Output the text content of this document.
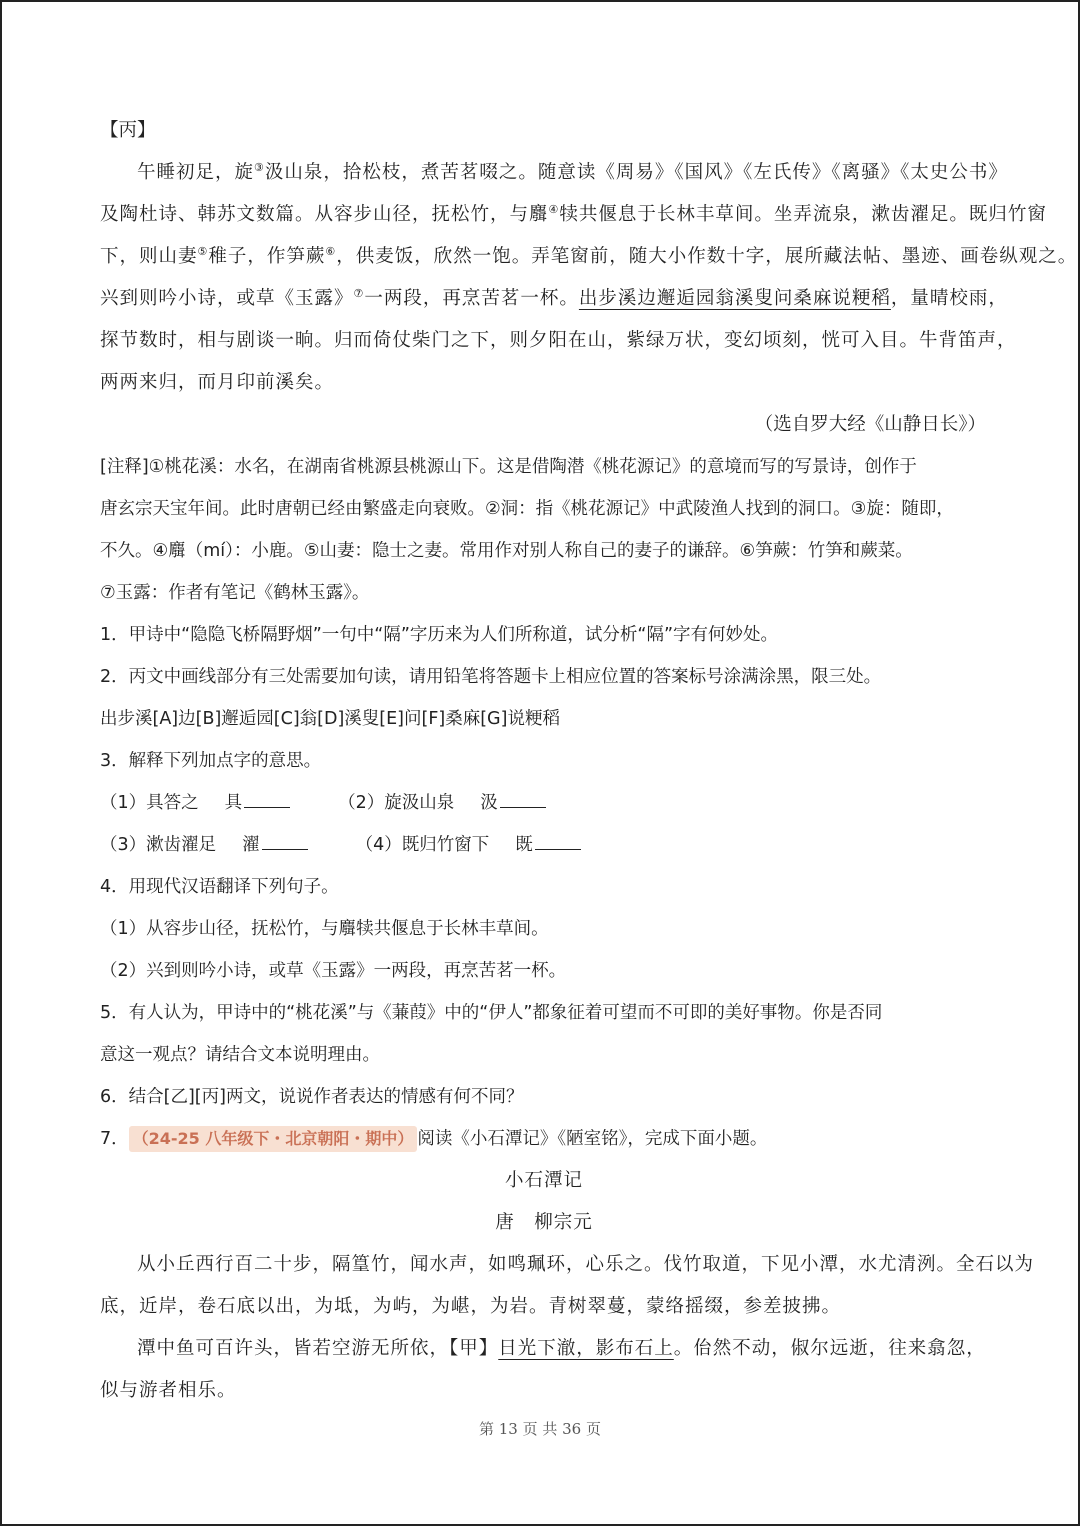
【丙】

午睡初足，旋③汲山泉，拾松枝，煮苦茗啜之。随意读《周易》《国风》《左氏传》《离骚》《太史公书》

及陶杜诗、韩苏文数篇。从容步山径，抚松竹，与麛④犊共偃息于长林丰草间。坐弄流泉，漱齿濯足。既归竹窗

下，则山妻⑤稚子，作笋蕨⑥，供麦饭，欣然一饱。弄笔窗前，随大小作数十字，展所藏法帖、墨迹、画卷纵观之。

兴到则吟小诗，或草《玉露》⑦一两段，再烹苦茗一杯。出步溪边邂逅园翁溪叟问桑麻说粳稻，量晴校雨，

探节数时，相与剧谈一晌。归而倚仗柴门之下，则夕阳在山，紫绿万状，变幻顷刻，恍可入目。牛背笛声，

两两来归，而月印前溪矣。

（选自罗大经《山静日长》）

[注释]①桃花溪：水名，在湖南省桃源县桃源山下。这是借陶潜《桃花源记》的意境而写的写景诗，创作于

唐玄宗天宝年间。此时唐朝已经由繁盛走向衰败。②洞：指《桃花源记》中武陵渔人找到的洞口。③旋：随即，

不久。④麛（mí）：小鹿。⑤山妻：隐士之妻。常用作对别人称自己的妻子的谦辞。⑥笋蕨：竹笋和蕨菜。

⑦玉露：作者有笔记《鹤林玉露》。

1．甲诗中“隐隐飞桥隔野烟”一句中“隔”字历来为人们所称道，试分析“隔”字有何妙处。

2．丙文中画线部分有三处需要加句读，请用铅笔将答题卡上相应位置的答案标号涂满涂黑，限三处。

出步溪[A]边[B]邂逅园[C]翁[D]溪叟[E]问[F]桑麻[G]说粳稻

3．解释下列加点字的意思。

（1）具答之 具	（2）旋汲山泉 汲

（3）漱齿濯足 濯	（4）既归竹窗下 既

4．用现代汉语翻译下列句子。

（1）从容步山径，抚松竹，与麛犊共偃息于长林丰草间。

（2）兴到则吟小诗，或草《玉露》一两段，再烹苦茗一杯。

5．有人认为，甲诗中的“桃花溪”与《蒹葭》中的“伊人”都象征着可望而不可即的美好事物。你是否同

意这一观点？请结合文本说明理由。

6．结合[乙][丙]两文，说说作者表达的情感有何不同？

7． （24-25 八年级下・北京朝阳・期中） 阅读《小石潭记》《陋室铭》，完成下面小题。

小石潭记

唐　柳宗元

从小丘西行百二十步，隔篁竹，闻水声，如鸣珮环，心乐之。伐竹取道，下见小潭，水尤清洌。全石以为

底，近岸，卷石底以出，为坻，为屿，为嵁，为岩。青树翠蔓，蒙络摇缀，参差披拂。

潭中鱼可百许头，皆若空游无所依，【甲】日光下澈，影布石上。佁然不动，俶尔远逝，往来翕忽，

似与游者相乐。

第 13 页 共 36 页
